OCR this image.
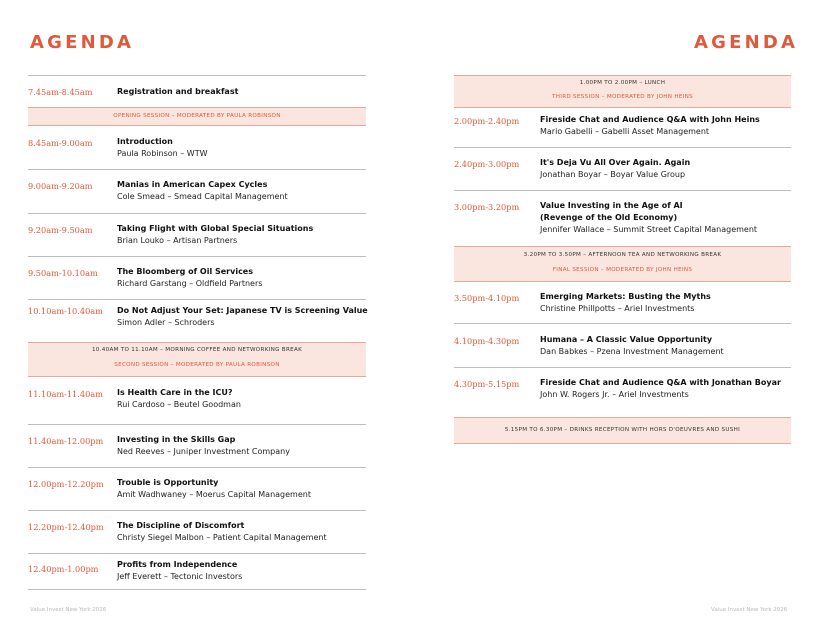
AGENDA	AGENDA
7.45am-8.45am	Registration and breakfast
OPENING SESSION – MODERATED BY PAULA ROBINSON
8.45am-9.00am	Introduction
Paula Robinson – WTW
9.00am-9.20am	Manias in American Capex Cycles
Cole Smead – Smead Capital Management
9.20am-9.50am	Taking Flight with Global Special Situations
Brian Louko – Artisan Partners
9.50am-10.10am The Bloomberg of Oil Services
Richard Garstang – Oldfield Partners
10.10am-10.40am Do Not Adjust Your Set: Japanese TV is Screening Value
Simon Adler – Schroders
10.40AM TO 11.10AM – MORNING COFFEE AND NETWORKING BREAK
SECOND SESSION – MODERATED BY PAULA ROBINSON
11.10am-11.40am Is Health Care in the ICU?
Rui Cardoso – Beutel Goodman
11.40am-12.00pm Investing in the Skills Gap
Ned Reeves – Juniper Investment Company
12.00pm-12.20pm Trouble is Opportunity
Amit Wadhwaney – Moerus Capital Management
12.20pm-12.40pm The Discipline of Discomfort
Christy Siegel Malbon – Patient Capital Management
12.40pm-1.00pm Profits from Independence
Jeff Everett – Tectonic Investors
1.00PM TO 2.00PM – LUNCH
THIRD SESSION – MODERATED BY JOHN HEINS
2.00pm-2.40pm	Fireside Chat and Audience Q&A with John Heins
Mario Gabelli – Gabelli Asset Management
2.40pm-3.00pm	It's Deja Vu All Over Again. Again
Jonathan Boyar – Boyar Value Group
3.00pm-3.20pm	Value Investing in the Age of AI
(Revenge of the Old Economy)
Jennifer Wallace – Summit Street Capital Management
3.20PM TO 3.50PM – AFTERNOON TEA AND NETWORKING BREAK
FINAL SESSION – MODERATED BY JOHN HEINS
3.50pm-4.10pm	Emerging Markets: Busting the Myths
Christine Phillpotts – Ariel Investments
4.10pm-4.30pm	Humana – A Classic Value Opportunity
Dan Babkes – Pzena Investment Management
4.30pm-5.15pm	Fireside Chat and Audience Q&A with Jonathan Boyar
John W. Rogers Jr. – Ariel Investments
5.15PM TO 6.30PM – DRINKS RECEPTION WITH HORS D'OEUVRES AND SUSHI
Value Invest New York 2026	Value Invest New York 2026
